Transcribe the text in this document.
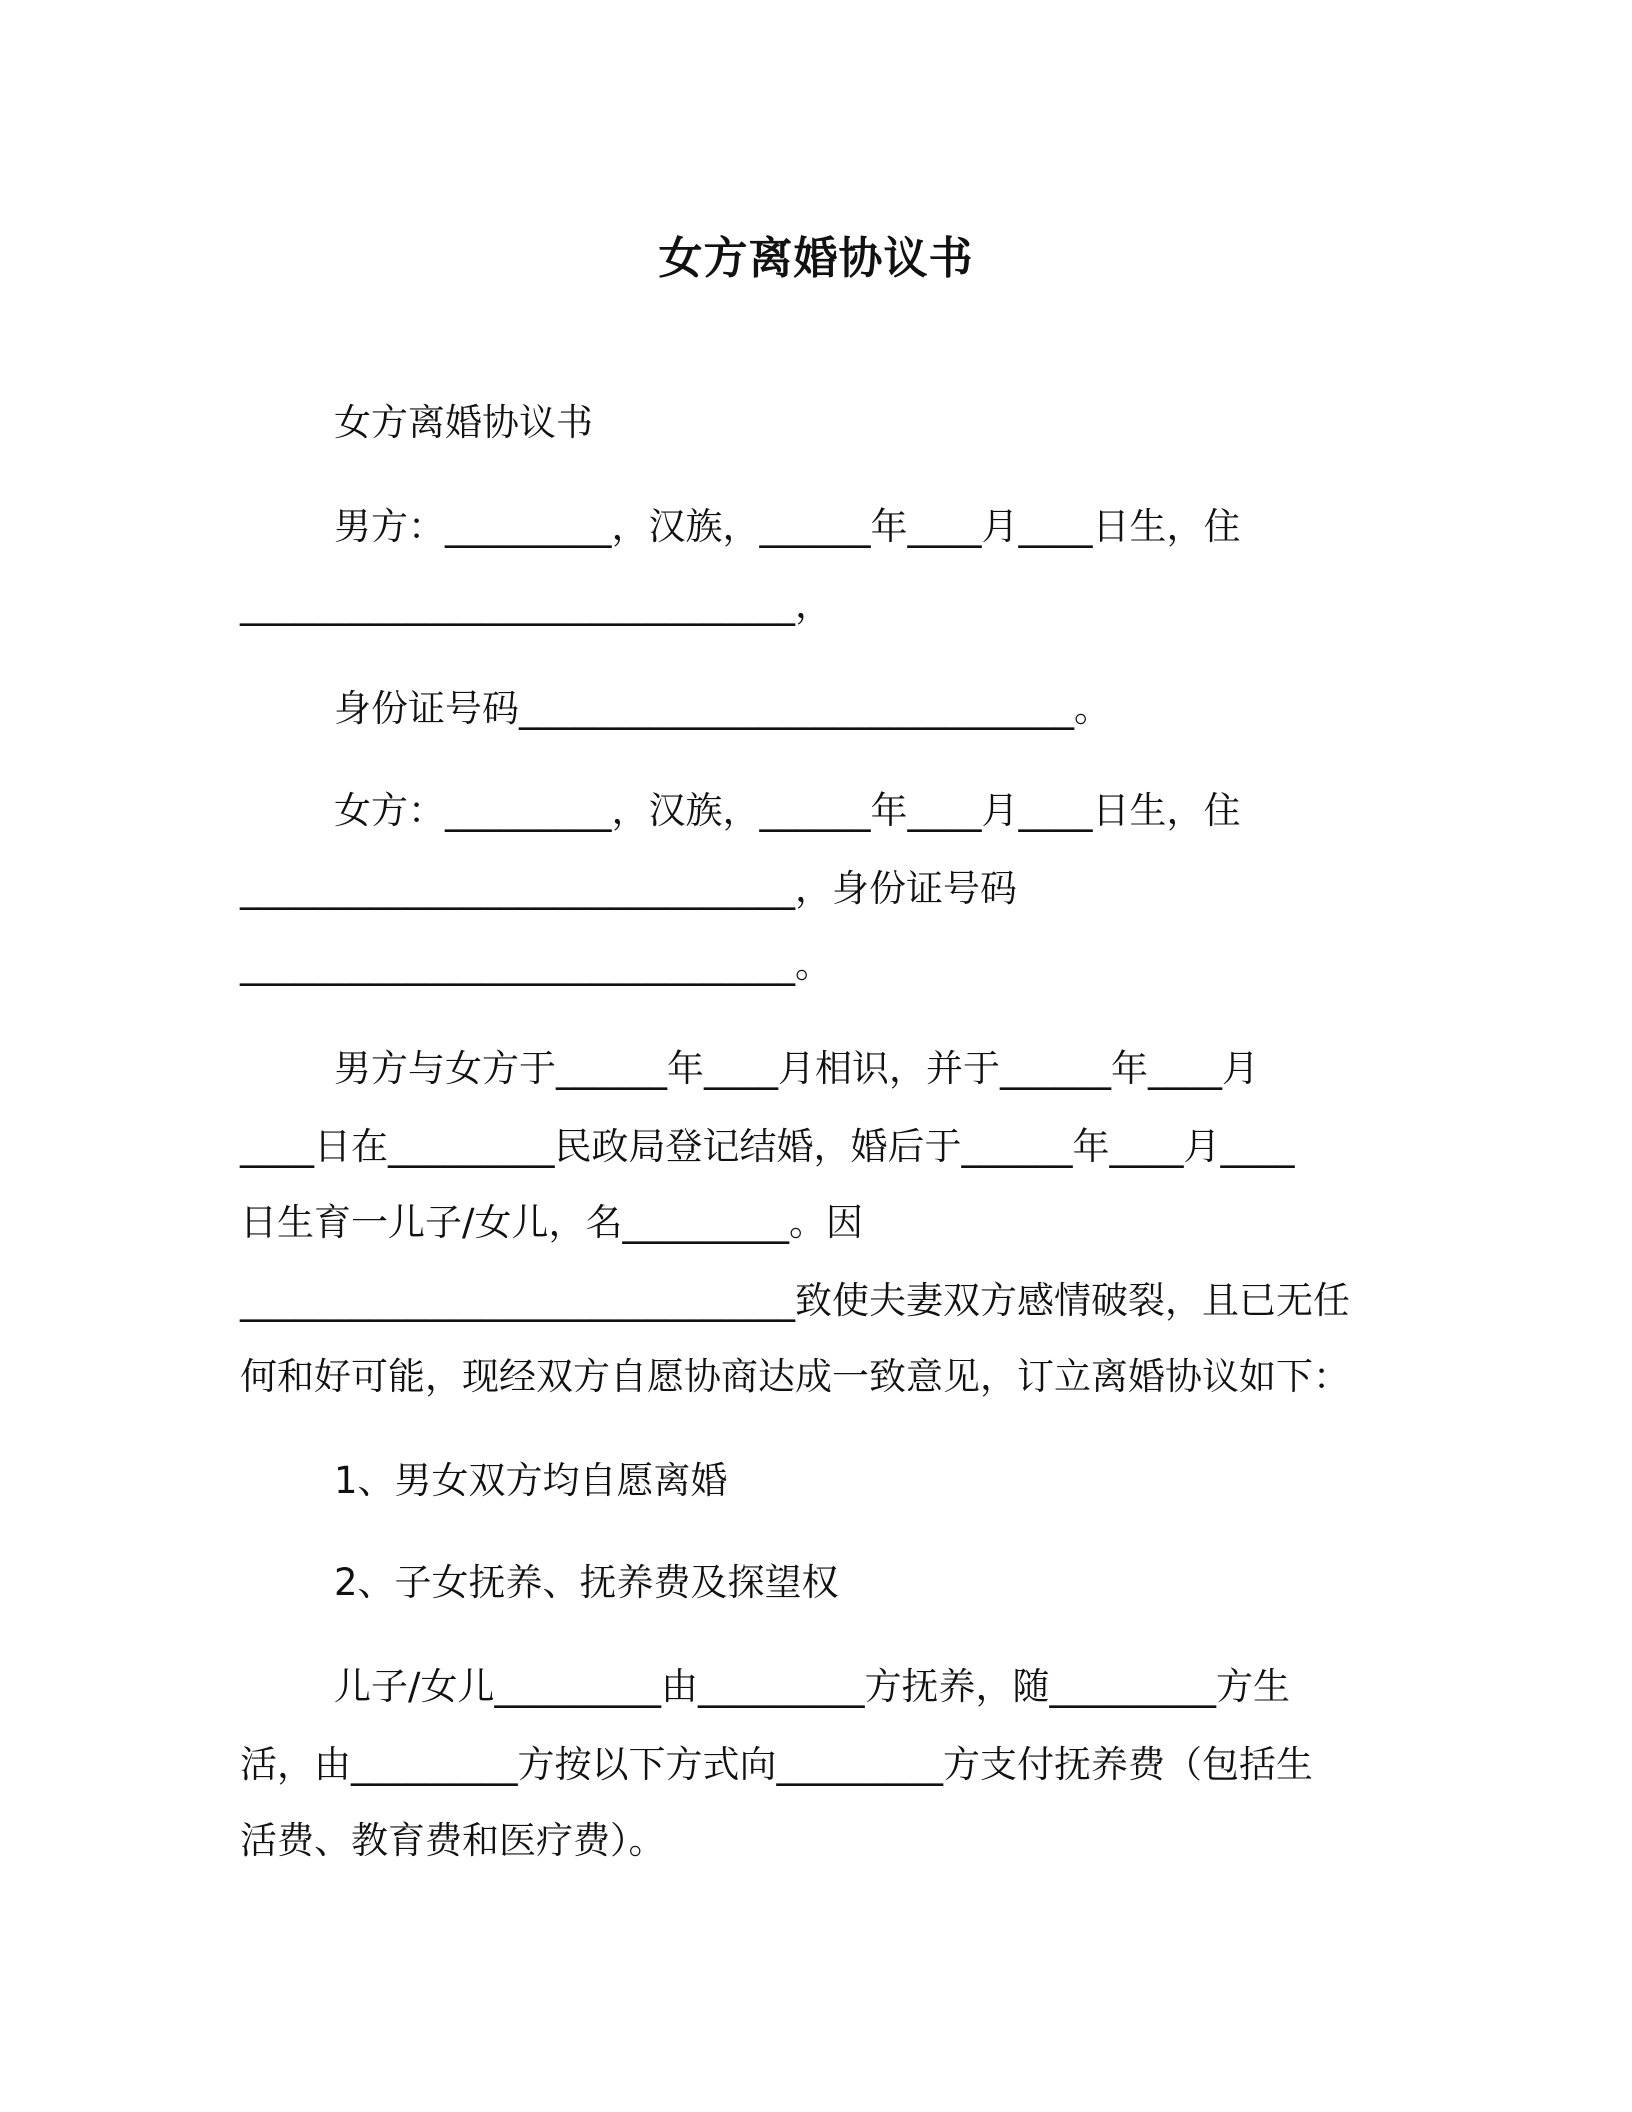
女方离婚协议书
女方离婚协议书
男方：_________，汉族，______年____月____日生，住
______________________________，
身份证号码______________________________。
女方：_________，汉族，______年____月____日生，住
______________________________，身份证号码
______________________________。
男方与女方于______年____月相识，并于______年____月
____日在_________民政局登记结婚，婚后于______年____月____
日生育一儿子/女儿，名_________。因
______________________________致使夫妻双方感情破裂，且已无任
何和好可能，现经双方自愿协商达成一致意见，订立离婚协议如下：
1、男女双方均自愿离婚
2、子女抚养、抚养费及探望权
儿子/女儿_________由_________方抚养，随_________方生
活，由_________方按以下方式向_________方支付抚养费（包括生
活费、教育费和医疗费）。
